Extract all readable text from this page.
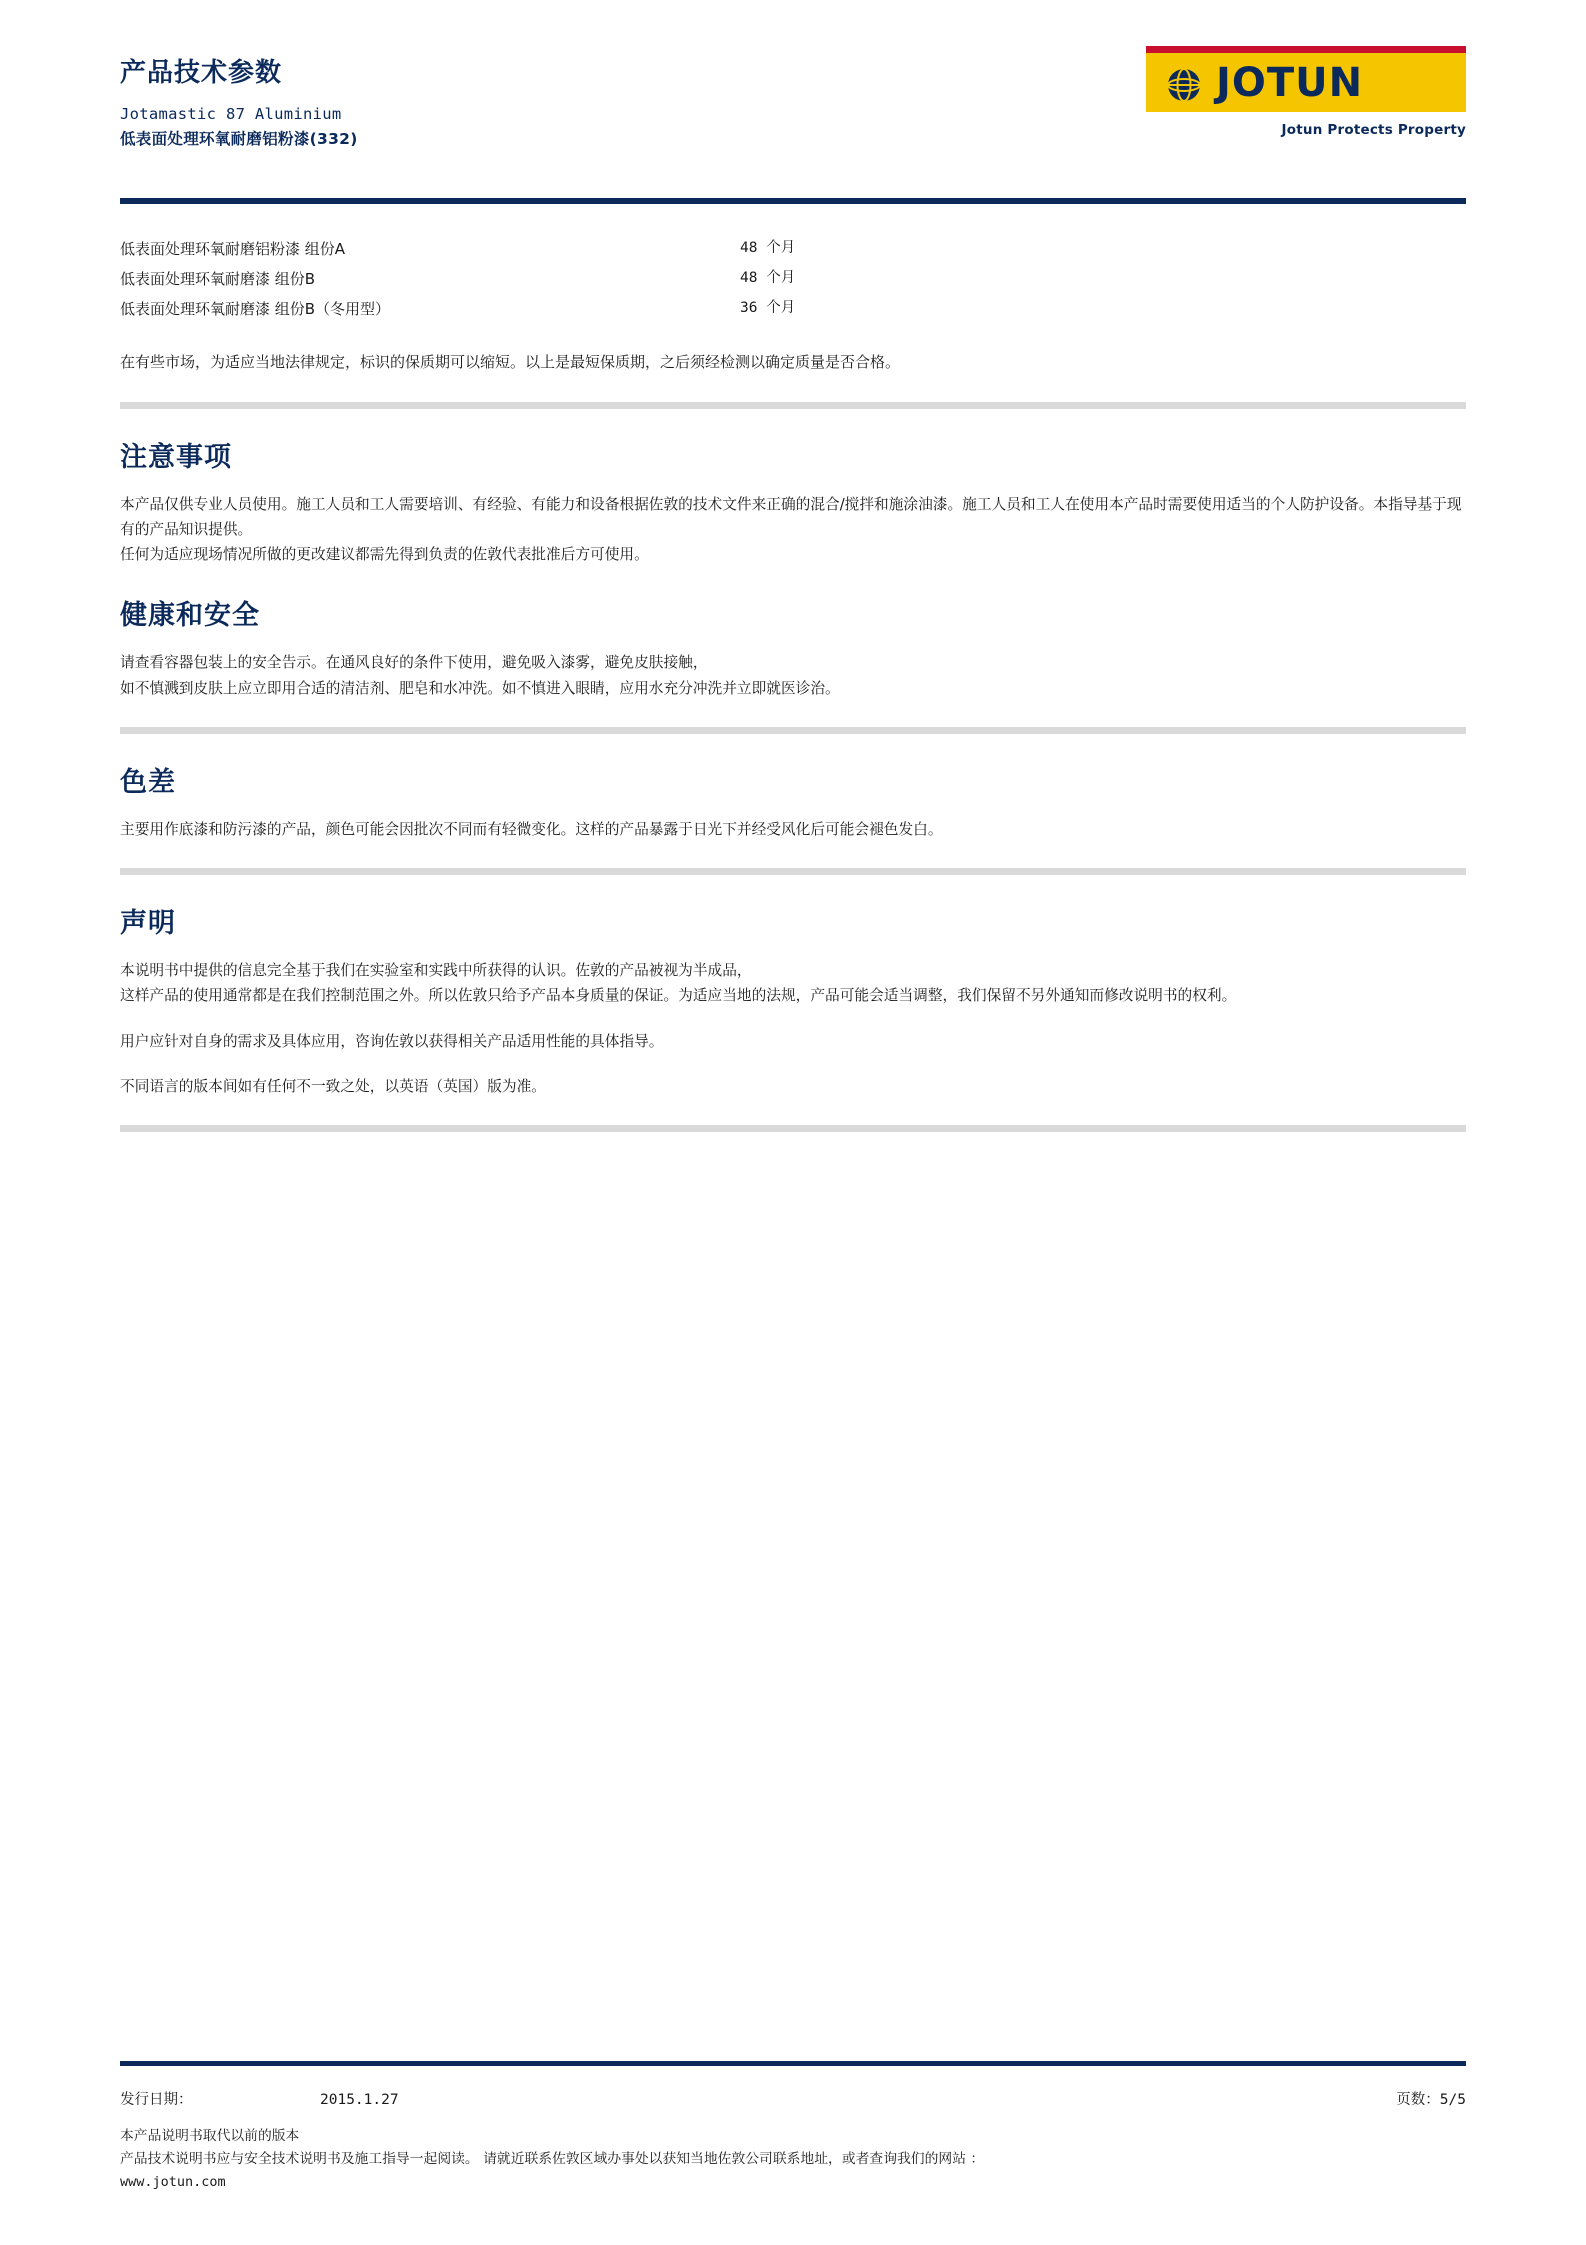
产品技术参数
Jotamastic 87 Aluminium
低表面处理环氧耐磨铝粉漆(332)
JOTUN
Jotun Protects Property
低表面处理环氧耐磨铝粉漆 组份A	48 个月
低表面处理环氧耐磨漆 组份B	48 个月
低表面处理环氧耐磨漆 组份B（冬用型）	36 个月
在有些市场，为适应当地法律规定，标识的保质期可以缩短。以上是最短保质期，之后须经检测以确定质量是否合格。
注意事项

本产品仅供专业人员使用。施工人员和工人需要培训、有经验、有能力和设备根据佐敦的技术文件来正确的混合/搅拌和施涂油漆。施工人员和工人在使用本产品时需要使用适当的个人防护设备。本指导基于现有的产品知识提供。

任何为适应现场情况所做的更改建议都需先得到负责的佐敦代表批准后方可使用。

健康和安全

请查看容器包装上的安全告示。在通风良好的条件下使用，避免吸入漆雾，避免皮肤接触，

如不慎溅到皮肤上应立即用合适的清洁剂、肥皂和水冲洗。如不慎进入眼睛，应用水充分冲洗并立即就医诊治。

色差

主要用作底漆和防污漆的产品，颜色可能会因批次不同而有轻微变化。这样的产品暴露于日光下并经受风化后可能会褪色发白。

声明

本说明书中提供的信息完全基于我们在实验室和实践中所获得的认识。佐敦的产品被视为半成品，

这样产品的使用通常都是在我们控制范围之外。所以佐敦只给予产品本身质量的保证。为适应当地的法规，产品可能会适当调整，我们保留不另外通知而修改说明书的权利。

用户应针对自身的需求及具体应用，咨询佐敦以获得相关产品适用性能的具体指导。

不同语言的版本间如有任何不一致之处，以英语（英国）版为准。

发行日期：	2015.1.27	页数：5/5
本产品说明书取代以前的版本
产品技术说明书应与安全技术说明书及施工指导一起阅读。 请就近联系佐敦区域办事处以获知当地佐敦公司联系地址，或者查询我们的网站 ：
www.jotun.com
